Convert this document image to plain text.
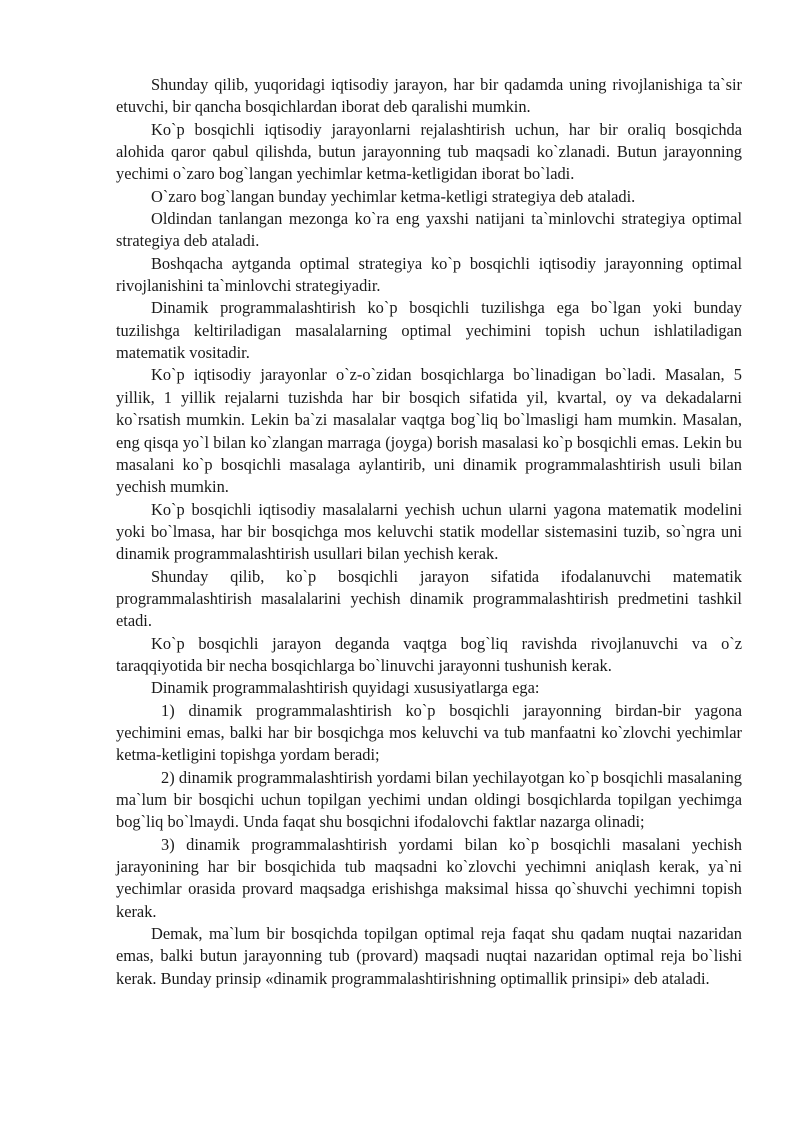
Shunday qilib, yuqoridagi iqtisodiy jarayon, har bir qadamda uning rivojlanishiga ta`sir etuvchi, bir qancha bosqichlardan iborat deb qaralishi mumkin.

Ko`p bosqichli iqtisodiy jarayonlarni rejalashtirish uchun, har bir oraliq bosqichda alohida qaror qabul qilishda, butun jarayonning tub maqsadi ko`zlanadi. Butun jarayonning yechimi o`zaro bog`langan yechimlar ketma-ketligidan iborat bo`ladi.

O`zaro bog`langan bunday yechimlar ketma-ketligi strategiya deb ataladi.

Oldindan tanlangan mezonga ko`ra eng yaxshi natijani ta`minlovchi strategiya optimal strategiya deb ataladi.

Boshqacha aytganda optimal strategiya ko`p bosqichli iqtisodiy jarayonning optimal rivojlanishini ta`minlovchi strategiyadir.

Dinamik programmalashtirish ko`p bosqichli tuzilishga ega bo`lgan yoki bunday tuzilishga keltiriladigan masalalarning optimal yechimini topish uchun ishlatiladigan matematik vositadir.

Ko`p iqtisodiy jarayonlar o`z-o`zidan bosqichlarga bo`linadigan bo`ladi. Masalan, 5 yillik, 1 yillik rejalarni tuzishda har bir bosqich sifatida yil, kvartal, oy va dekadalarni ko`rsatish mumkin. Lekin ba`zi masalalar vaqtga bog`liq bo`lmasligi ham mumkin. Masalan, eng qisqa yo`l bilan ko`zlangan marraga (joyga) borish masalasi ko`p bosqichli emas. Lekin bu masalani ko`p bosqichli masalaga aylantirib, uni dinamik programmalashtirish usuli bilan yechish mumkin.

Ko`p bosqichli iqtisodiy masalalarni yechish uchun ularni yagona matematik modelini yoki bo`lmasa, har bir bosqichga mos keluvchi statik modellar sistemasini tuzib, so`ngra uni dinamik programmalashtirish usullari bilan yechish kerak.

Shunday qilib, ko`p bosqichli jarayon sifatida ifodalanuvchi matematik programmalashtirish masalalarini yechish dinamik programmalashtirish predmetini tashkil etadi.

Ko`p bosqichli jarayon deganda vaqtga bog`liq ravishda rivojlanuvchi va o`z taraqqiyotida bir necha bosqichlarga bo`linuvchi jarayonni tushunish kerak.

Dinamik programmalashtirish quyidagi xususiyatlarga ega:

1) dinamik programmalashtirish ko`p bosqichli jarayonning birdan-bir yagona yechimini emas, balki har bir bosqichga mos keluvchi va tub manfaatni ko`zlovchi yechimlar ketma-ketligini topishga yordam beradi;

2) dinamik programmalashtirish yordami bilan yechilayotgan ko`p bosqichli masalaning ma`lum bir bosqichi uchun topilgan yechimi undan oldingi bosqichlarda topilgan yechimga bog`liq bo`lmaydi. Unda faqat shu bosqichni ifodalovchi faktlar nazarga olinadi;

3) dinamik programmalashtirish yordami bilan ko`p bosqichli masalani yechish jarayonining har bir bosqichida tub maqsadni ko`zlovchi yechimni aniqlash kerak, ya`ni yechimlar orasida provard maqsadga erishishga maksimal hissa qo`shuvchi yechimni topish kerak.

Demak, ma`lum bir bosqichda topilgan optimal reja faqat shu qadam nuqtai nazaridan emas, balki butun jarayonning tub (provard) maqsadi nuqtai nazaridan optimal reja bo`lishi kerak. Bunday prinsip «dinamik programmalashtirishning optimallik prinsipi» deb ataladi.
